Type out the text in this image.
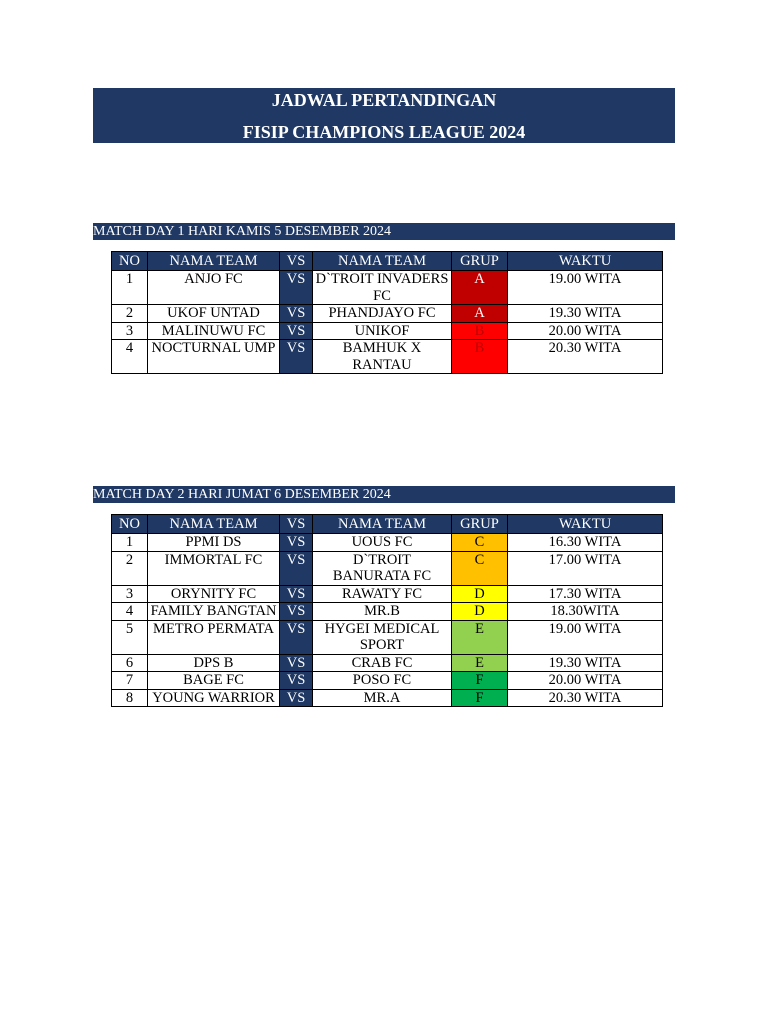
JADWAL PERTANDINGAN
FISIP CHAMPIONS LEAGUE 2024
MATCH DAY 1 HARI KAMIS 5 DESEMBER 2024
NO	NAMA TEAM	VS	NAMA TEAM	GRUP	WAKTU
1	ANJO FC	VS	D`TROIT INVADERS FC	A	19.00 WITA
2	UKOF UNTAD	VS	PHANDJAYO FC	A	19.30 WITA
3	MALINUWU FC	VS	UNIKOF	B	20.00 WITA
4	NOCTURNAL UMP	VS	BAMHUK X RANTAU	B	20.30 WITA
MATCH DAY 2 HARI JUMAT 6 DESEMBER 2024
NO	NAMA TEAM	VS	NAMA TEAM	GRUP	WAKTU
1	PPMI DS	VS	UOUS FC	C	16.30 WITA
2	IMMORTAL FC	VS	D`TROIT BANURATA FC	C	17.00 WITA
3	ORYNITY FC	VS	RAWATY FC	D	17.30 WITA
4	FAMILY BANGTAN	VS	MR.B	D	18.30WITA
5	METRO PERMATA	VS	HYGEI MEDICAL SPORT	E	19.00 WITA
6	DPS B	VS	CRAB FC	E	19.30 WITA
7	BAGE FC	VS	POSO FC	F	20.00 WITA
8	YOUNG WARRIOR	VS	MR.A	F	20.30 WITA
